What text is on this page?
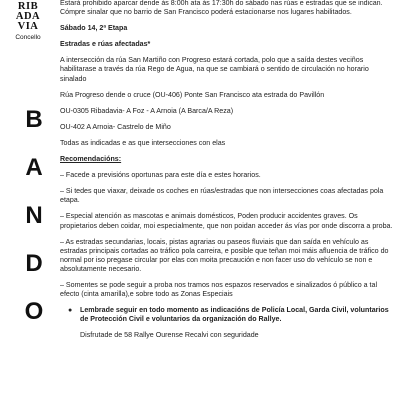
RIB
ADA
VIA
Concello
B
A
N
D
O

Estará prohibido aparcar dende ás 8:00h ata ás 17:30h do sábado nas rúas e estradas que se indican. Cómpre sinalar que no barrio de San Francisco poderá estacionarse nos lugares habilitados.

Sábado 14, 2ª Etapa

Estradas e rúas afectadas*

A intersección da rúa San Martiño con Progreso estará cortada, polo que a saída destes veciños habilitarase a través da rúa Rego de Agua, na que se cambiará o sentido de circulación no horario sinalado

Rúa Progreso dende o cruce (OU-406) Ponte San Francisco ata estrada do Pavillón

OU-0305 Ribadavia- A Foz - A Arnoia (A Barca/A Reza)

OU-402 A Arnoia- Castrelo de Miño

Todas as indicadas e as que intersecciones con elas

Recomendacións:

– Facede a previsións oportunas para este día e estes horarios.

– Si tedes que viaxar, deixade os coches en rúas/estradas que non intersecciones coas afectadas pola etapa.

– Especial atención as mascotas e animais domésticos, Poden producir accidentes graves. Os propietarios deben coidar, moi especialmente, que non poidan acceder ás vías por onde discorra a proba.

– As estradas secundarias, locais, pistas agrarias ou paseos fluviais que dan saída en vehículo as estradas principais cortadas ao tráfico pola carreira, e posible que teñan moi máis afluencia de tráfico do normal por iso pregase circular por elas con moita precaución e non facer uso do vehículo se non e absolutamente necesario.

– Somentes se pode seguir a proba nos tramos nos espazos reservados e sinalizados ó público a tal efecto (cinta amarilla),e sobre todo as Zonas Especiais

●	Lembrade seguir en todo momento as indicacións de Policía Local, Garda Civil, voluntarios de Protección Civil e voluntarios da organización do Rallye.

Disfrutade de 58 Rallye Ourense Recalvi con seguridade
